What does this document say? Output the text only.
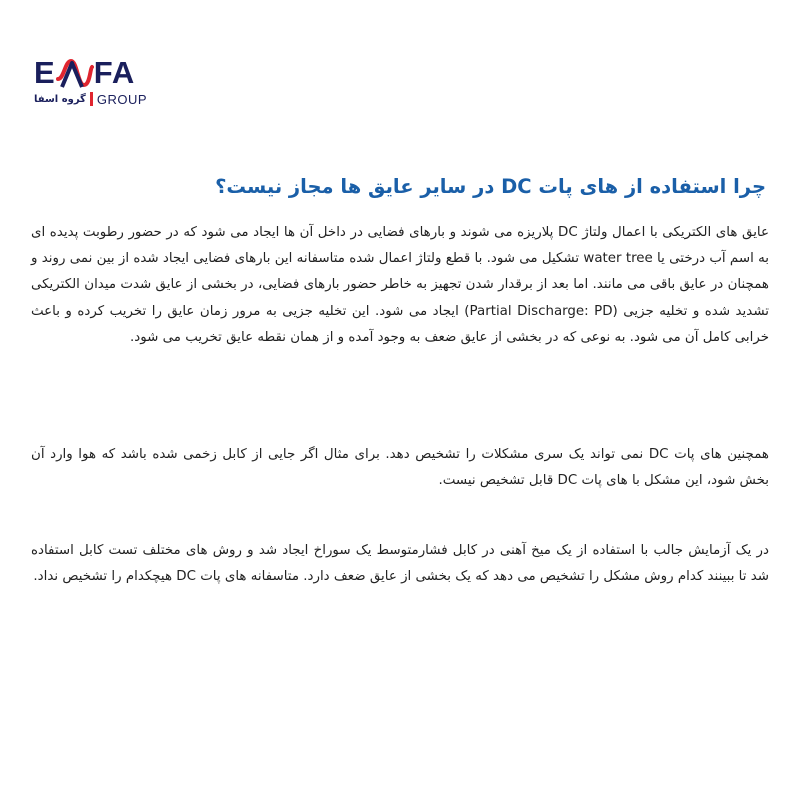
E FA
گروه اسفا GROUP
چرا استفاده از های پات DC در سایر عایق ها مجاز نیست؟

عایق های الکتریکی با اعمال ولتاژ DC پلاریزه می شوند و بارهای فضایی در داخل آن ها ایجاد می شود که در حضور رطوبت پدیده ای به اسم آب درختی یا water tree تشکیل می شود. با قطع ولتاژ اعمال شده متاسفانه این بارهای فضایی ایجاد شده از بین نمی روند و همچنان در عایق باقی می مانند. اما بعد از برقدار شدن تجهیز به خاطر حضور بارهای فضایی، در بخشی از عایق شدت میدان الکتریکی تشدید شده و تخلیه جزیی (Partial Discharge: PD) ایجاد می شود. این تخلیه جزیی به مرور زمان عایق را تخریب کرده و باعث خرابی کامل آن می شود. به نوعی که در بخشی از عایق ضعف به وجود آمده و از همان نقطه عایق تخریب می شود.

همچنین های پات DC نمی تواند یک سری مشکلات را تشخیص دهد. برای مثال اگر جایی از کابل زخمی شده باشد که هوا وارد آن بخش شود، این مشکل با های پات DC قابل تشخیص نیست.

در یک آزمایش جالب با استفاده از یک میخ آهنی در کابل فشارمتوسط یک سوراخ ایجاد شد و روش های مختلف تست کابل استفاده شد تا ببینند کدام روش مشکل را تشخیص می دهد که یک بخشی از عایق ضعف دارد. متاسفانه های پات DC هیچکدام را تشخیص نداد.
